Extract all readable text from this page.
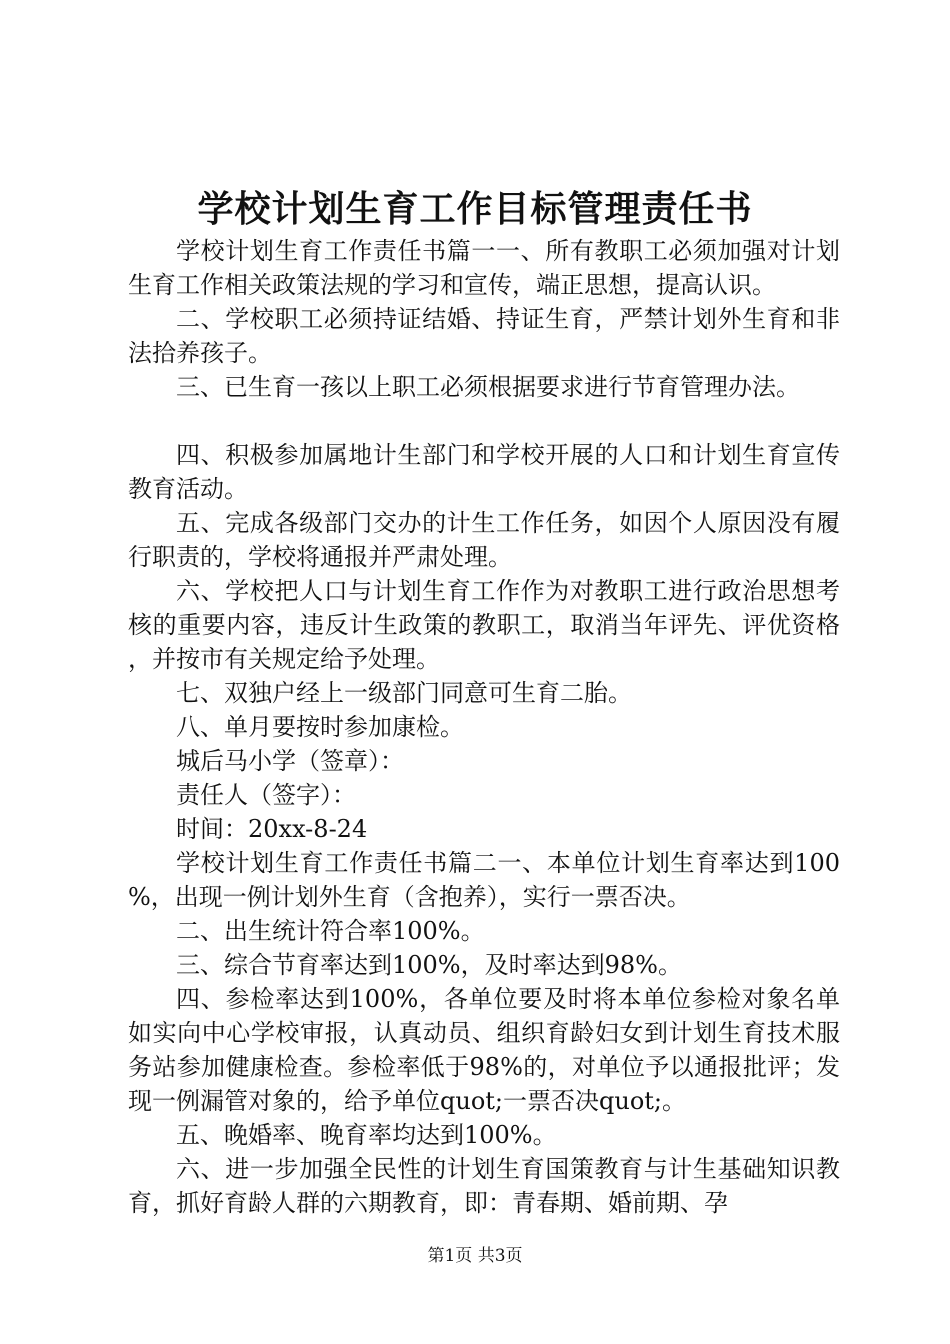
学校计划生育工作目标管理责任书

学校计划生育工作责任书篇一一、所有教职工必须加强对计划生育工作相关政策法规的学习和宣传，端正思想，提高认识。

二、学校职工必须持证结婚、持证生育，严禁计划外生育和非法拾养孩子。

三、已生育一孩以上职工必须根据要求进行节育管理办法。

四、积极参加属地计生部门和学校开展的人口和计划生育宣传教育活动。

五、完成各级部门交办的计生工作任务，如因个人原因没有履行职责的，学校将通报并严肃处理。

六、学校把人口与计划生育工作作为对教职工进行政治思想考核的重要内容，违反计生政策的教职工，取消当年评先、评优资格，并按市有关规定给予处理。

七、双独户经上一级部门同意可生育二胎。

八、单月要按时参加康检。

城后马小学（签章）：

责任人（签字）：

时间：20xx-8-24

学校计划生育工作责任书篇二一、本单位计划生育率达到100%，出现一例计划外生育（含抱养），实行一票否决。

二、出生统计符合率100%。

三、综合节育率达到100%，及时率达到98%。

四、参检率达到100%，各单位要及时将本单位参检对象名单如实向中心学校审报，认真动员、组织育龄妇女到计划生育技术服务站参加健康检查。参检率低于98%的，对单位予以通报批评；发现一例漏管对象的，给予单位quot;一票否决quot;。

五、晚婚率、晚育率均达到100%。

六、进一步加强全民性的计划生育国策教育与计生基础知识教育，抓好育龄人群的六期教育，即：青春期、婚前期、孕

第1页 共3页
